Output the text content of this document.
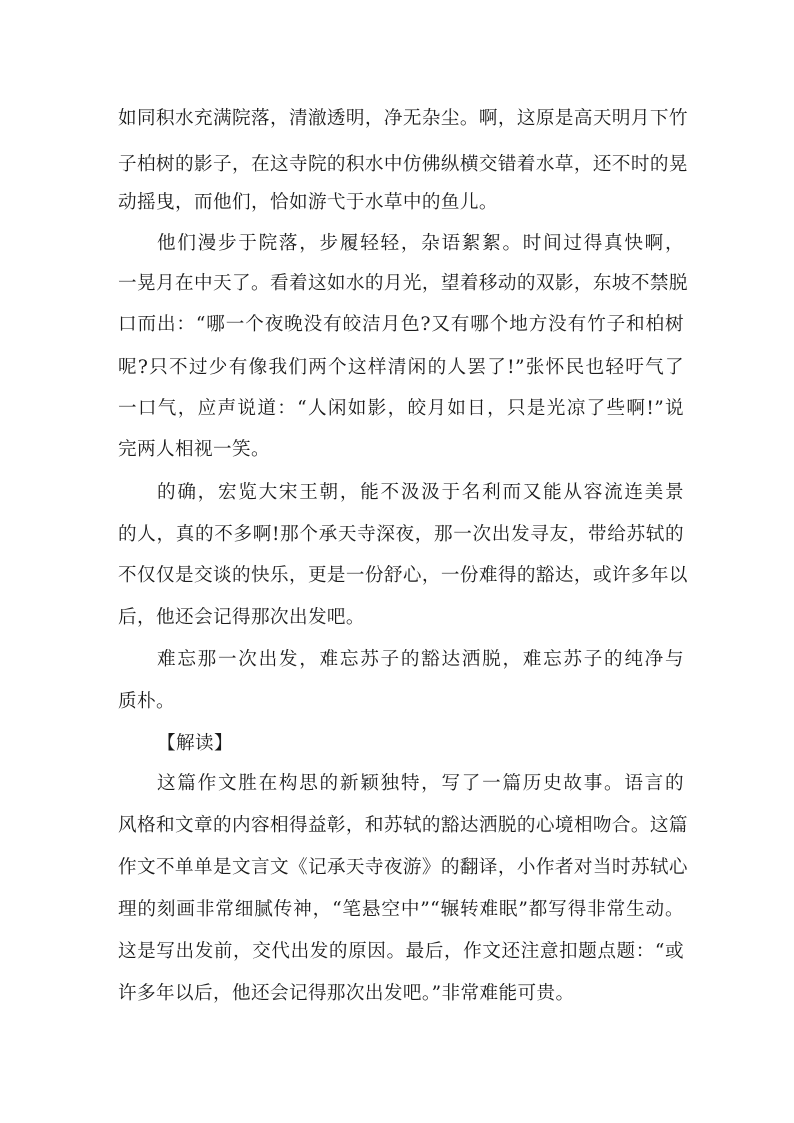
如同积水充满院落，清澈透明，净无杂尘。啊，这原是高天明月下竹
子柏树的影子，在这寺院的积水中仿佛纵横交错着水草，还不时的晃
动摇曳，而他们，恰如游弋于水草中的鱼儿。
他们漫步于院落，步履轻轻，杂语絮絮。时间过得真快啊，
一晃月在中天了。看着这如水的月光，望着移动的双影，东坡不禁脱
口而出：“哪一个夜晚没有皎洁月色?又有哪个地方没有竹子和柏树
呢?只不过少有像我们两个这样清闲的人罢了!”张怀民也轻吁气了
一口气，应声说道：“人闲如影，皎月如日，只是光凉了些啊!”说
完两人相视一笑。
的确，宏览大宋王朝，能不汲汲于名利而又能从容流连美景
的人，真的不多啊!那个承天寺深夜，那一次出发寻友，带给苏轼的
不仅仅是交谈的快乐，更是一份舒心，一份难得的豁达，或许多年以
后，他还会记得那次出发吧。
难忘那一次出发，难忘苏子的豁达洒脱，难忘苏子的纯净与
质朴。
【解读】
这篇作文胜在构思的新颖独特，写了一篇历史故事。语言的
风格和文章的内容相得益彰，和苏轼的豁达洒脱的心境相吻合。这篇
作文不单单是文言文《记承天寺夜游》的翻译，小作者对当时苏轼心
理的刻画非常细腻传神，“笔悬空中”“辗转难眠”都写得非常生动。
这是写出发前，交代出发的原因。最后，作文还注意扣题点题：“或
许多年以后，他还会记得那次出发吧。”非常难能可贵。
